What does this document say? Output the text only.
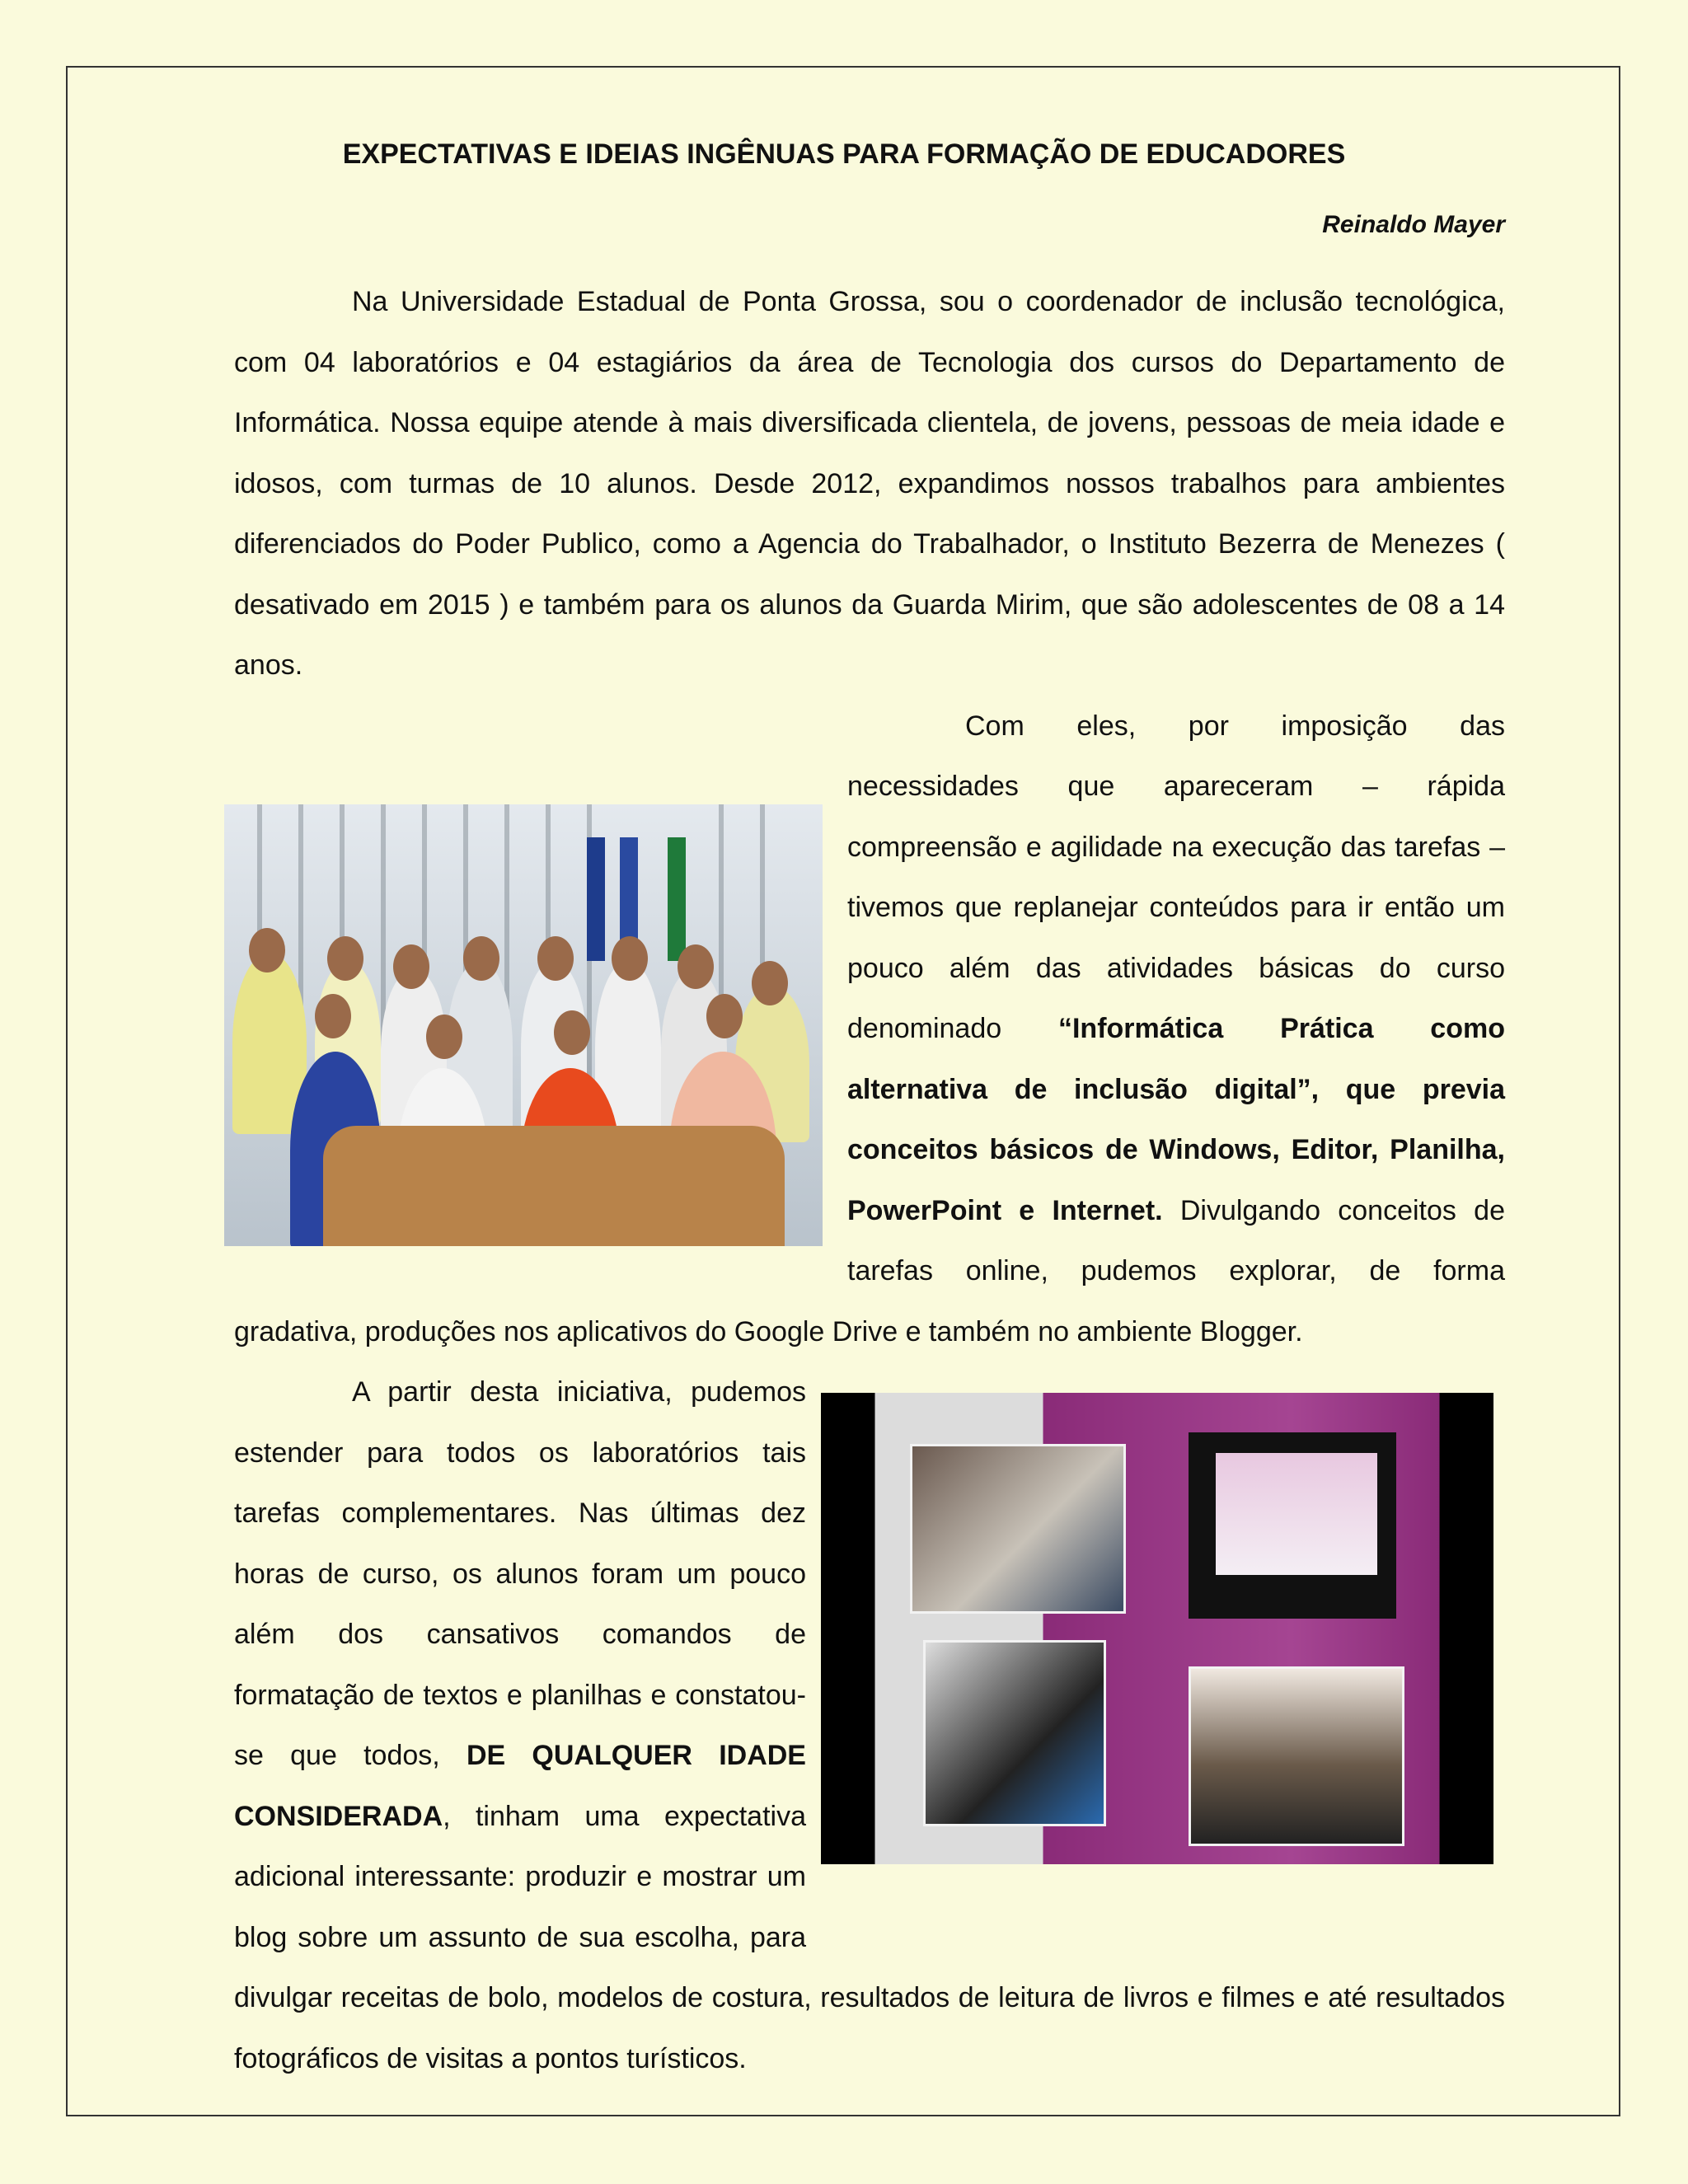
EXPECTATIVAS E IDEIAS INGÊNUAS PARA FORMAÇÃO DE EDUCADORES

Reinaldo Mayer

Na Universidade Estadual de Ponta Grossa, sou o coordenador de inclusão tecnológica, com 04 laboratórios e 04 estagiários da área de Tecnologia dos cursos do Departamento de Informática. Nossa equipe atende à mais diversificada clientela, de jovens, pessoas de meia idade e idosos, com turmas de 10 alunos. Desde 2012, expandimos nossos trabalhos para ambientes diferenciados do Poder Publico, como a Agencia do Trabalhador, o Instituto Bezerra de Menezes ( desativado em 2015 ) e também para os alunos da Guarda Mirim, que são adolescentes de 08 a 14 anos.

Com eles, por imposição das necessidades que apareceram – rápida compreensão e agilidade na execução das tarefas – tivemos que replanejar conteúdos para ir então um pouco além das atividades básicas do curso denominado “Informática Prática como alternativa de inclusão digital”, que previa conceitos básicos de Windows, Editor, Planilha, PowerPoint e Internet. Divulgando conceitos de tarefas online, pudemos explorar, de forma gradativa, produções nos aplicativos do Google Drive e também no ambiente Blogger.

A partir desta iniciativa, pudemos estender para todos os laboratórios tais tarefas complementares. Nas últimas dez horas de curso, os alunos foram um pouco além dos cansativos comandos de formatação de textos e planilhas e constatou-se que todos, DE QUALQUER IDADE CONSIDERADA, tinham uma expectativa adicional interessante: produzir e mostrar um blog sobre um assunto de sua escolha, para divulgar receitas de bolo, modelos de costura, resultados de leitura de livros e filmes e até resultados fotográficos de visitas a pontos turísticos.
